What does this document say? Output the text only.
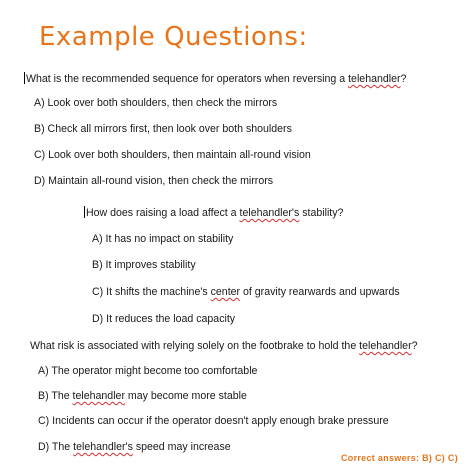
Example Questions:
What is the recommended sequence for operators when reversing a telehandler?
A) Look over both shoulders, then check the mirrors
B) Check all mirrors first, then look over both shoulders
C) Look over both shoulders, then maintain all-round vision
D) Maintain all-round vision, then check the mirrors
How does raising a load affect a telehandler's stability?
A) It has no impact on stability
B) It improves stability
C) It shifts the machine's center of gravity rearwards and upwards
D) It reduces the load capacity
What risk is associated with relying solely on the footbrake to hold the telehandler?
A) The operator might become too comfortable
B) The telehandler may become more stable
C) Incidents can occur if the operator doesn't apply enough brake pressure
D) The telehandler's speed may increase
Correct answers: B) C) C)
